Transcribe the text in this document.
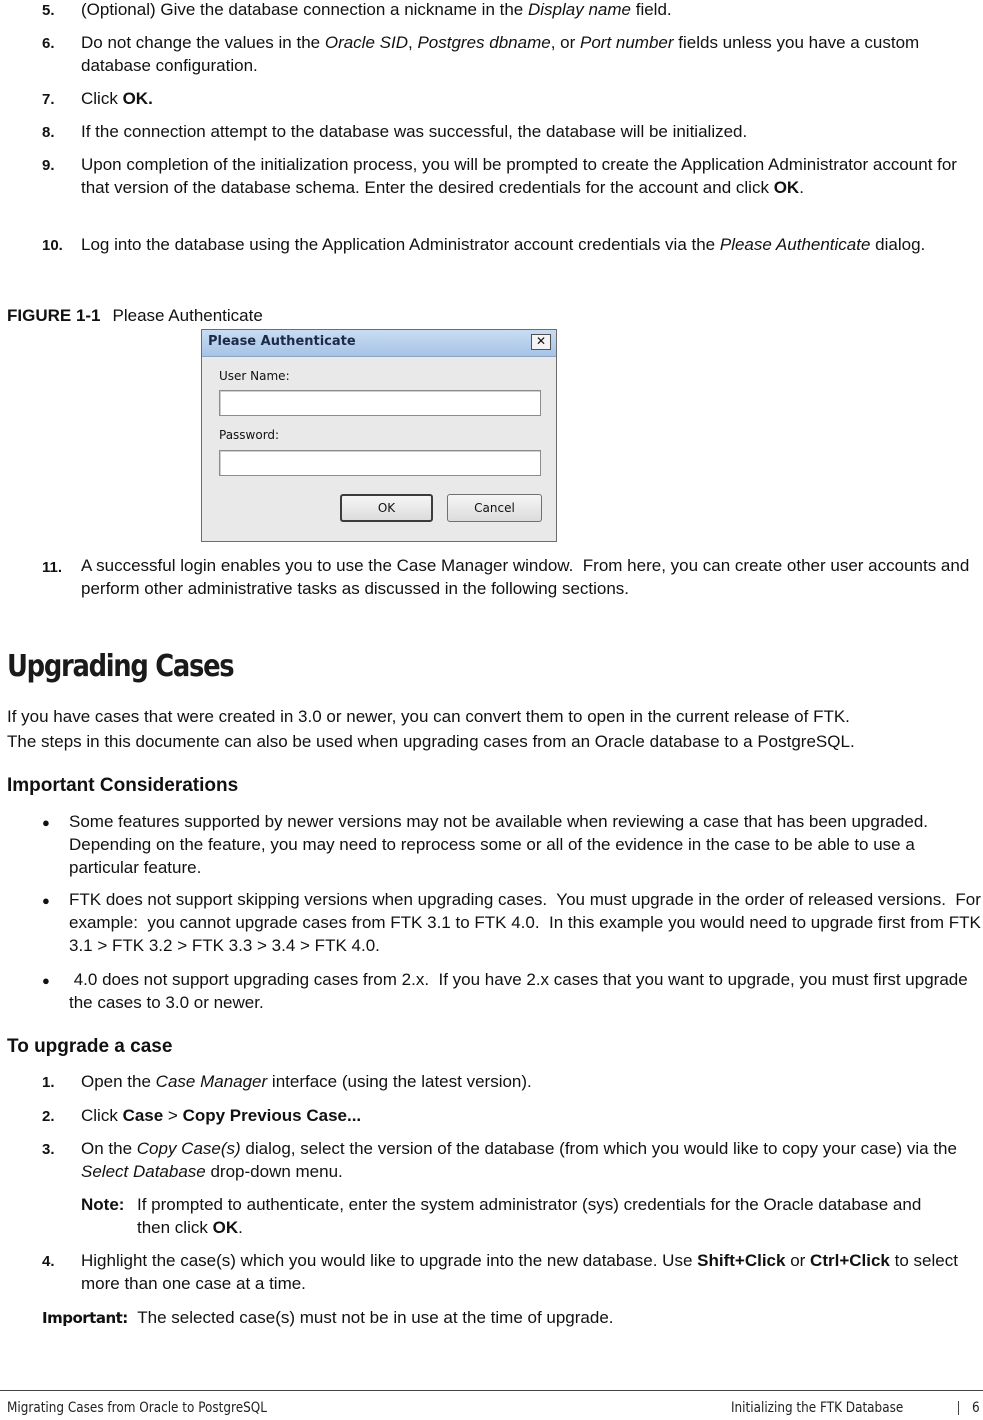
5.	(Optional) Give the database connection a nickname in the Display name field.
6.	Do not change the values in the Oracle SID, Postgres dbname, or Port number fields unless you have a custom database configuration.
7.	Click OK.
8.	If the connection attempt to the database was successful, the database will be initialized.
9.	Upon completion of the initialization process, you will be prompted to create the Application Administrator account for that version of the database schema. Enter the desired credentials for the account and click OK.
10.	Log into the database using the Application Administrator account credentials via the Please Authenticate dialog.
FIGURE 1-1 Please Authenticate
Please Authenticate	✕
User Name:
Password:
OK	Cancel
11.	A successful login enables you to use the Case Manager window.  From here, you can create other user accounts and perform other administrative tasks as discussed in the following sections.
Upgrading Cases
If you have cases that were created in 3.0 or newer, you can convert them to open in the current release of FTK.
The steps in this documente can also be used when upgrading cases from an Oracle database to a PostgreSQL.
Important Considerations
● Some features supported by newer versions may not be available when reviewing a case that has been upgraded.  Depending on the feature, you may need to reprocess some or all of the evidence in the case to be able to use a particular feature.
● FTK does not support skipping versions when upgrading cases.  You must upgrade in the order of released versions.  For example:  you cannot upgrade cases from FTK 3.1 to FTK 4.0.  In this example you would need to upgrade first from FTK 3.1 > FTK 3.2 > FTK 3.3 > 3.4 > FTK 4.0.
● 4.0 does not support upgrading cases from 2.x.  If you have 2.x cases that you want to upgrade, you must first upgrade the cases to 3.0 or newer.
To upgrade a case
1.	Open the Case Manager interface (using the latest version).
2.	Click Case > Copy Previous Case...
3.	On the Copy Case(s) dialog, select the version of the database (from which you would like to copy your case) via the Select Database drop-down menu.
Note: If prompted to authenticate, enter the system administrator (sys) credentials for the Oracle database and then click OK.
4.	Highlight the case(s) which you would like to upgrade into the new database. Use Shift+Click or Ctrl+Click to select more than one case at a time.
Important: The selected case(s) must not be in use at the time of upgrade.
Migrating Cases from Oracle to PostgreSQL	Initializing the FTK Database	6
